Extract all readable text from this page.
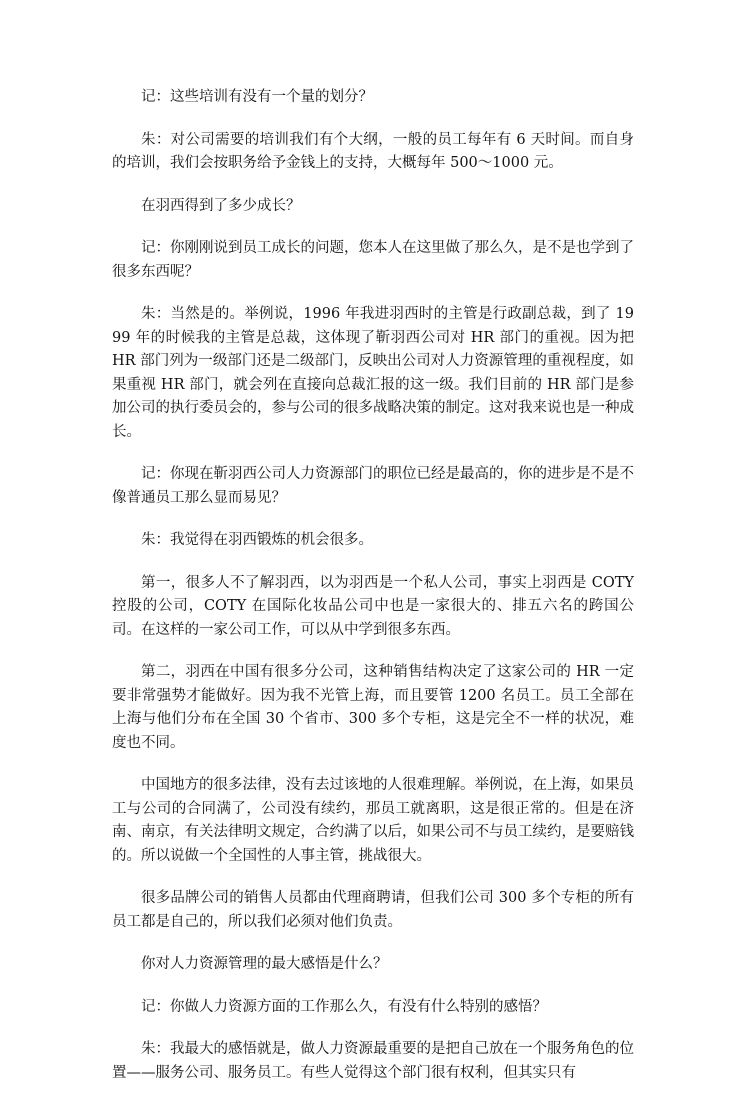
记：这些培训有没有一个量的划分？

朱：对公司需要的培训我们有个大纲，一般的员工每年有 6 天时间。而自身的培训，我们会按职务给予金钱上的支持，大概每年 500～1000 元。

在羽西得到了多少成长？

记：你刚刚说到员工成长的问题，您本人在这里做了那么久，是不是也学到了很多东西呢？

朱：当然是的。举例说，1996 年我进羽西时的主管是行政副总裁，到了 1999 年的时候我的主管是总裁，这体现了靳羽西公司对 HR 部门的重视。因为把 HR 部门列为一级部门还是二级部门，反映出公司对人力资源管理的重视程度，如果重视 HR 部门，就会列在直接向总裁汇报的这一级。我们目前的 HR 部门是参加公司的执行委员会的，参与公司的很多战略决策的制定。这对我来说也是一种成长。

记：你现在靳羽西公司人力资源部门的职位已经是最高的，你的进步是不是不像普通员工那么显而易见？

朱：我觉得在羽西锻炼的机会很多。

第一，很多人不了解羽西，以为羽西是一个私人公司，事实上羽西是 COTY 控股的公司，COTY 在国际化妆品公司中也是一家很大的、排五六名的跨国公司。在这样的一家公司工作，可以从中学到很多东西。

第二，羽西在中国有很多分公司，这种销售结构决定了这家公司的 HR 一定要非常强势才能做好。因为我不光管上海，而且要管 1200 名员工。员工全部在上海与他们分布在全国 30 个省市、300 多个专柜，这是完全不一样的状况，难度也不同。

中国地方的很多法律，没有去过该地的人很难理解。举例说，在上海，如果员工与公司的合同满了，公司没有续约，那员工就离职，这是很正常的。但是在济南、南京，有关法律明文规定，合约满了以后，如果公司不与员工续约，是要赔钱的。所以说做一个全国性的人事主管，挑战很大。

很多品牌公司的销售人员都由代理商聘请，但我们公司 300 多个专柜的所有员工都是自己的，所以我们必须对他们负责。

你对人力资源管理的最大感悟是什么？

记：你做人力资源方面的工作那么久，有没有什么特别的感悟？

朱：我最大的感悟就是，做人力资源最重要的是把自己放在一个服务角色的位置——服务公司、服务员工。有些人觉得这个部门很有权利，但其实只有
